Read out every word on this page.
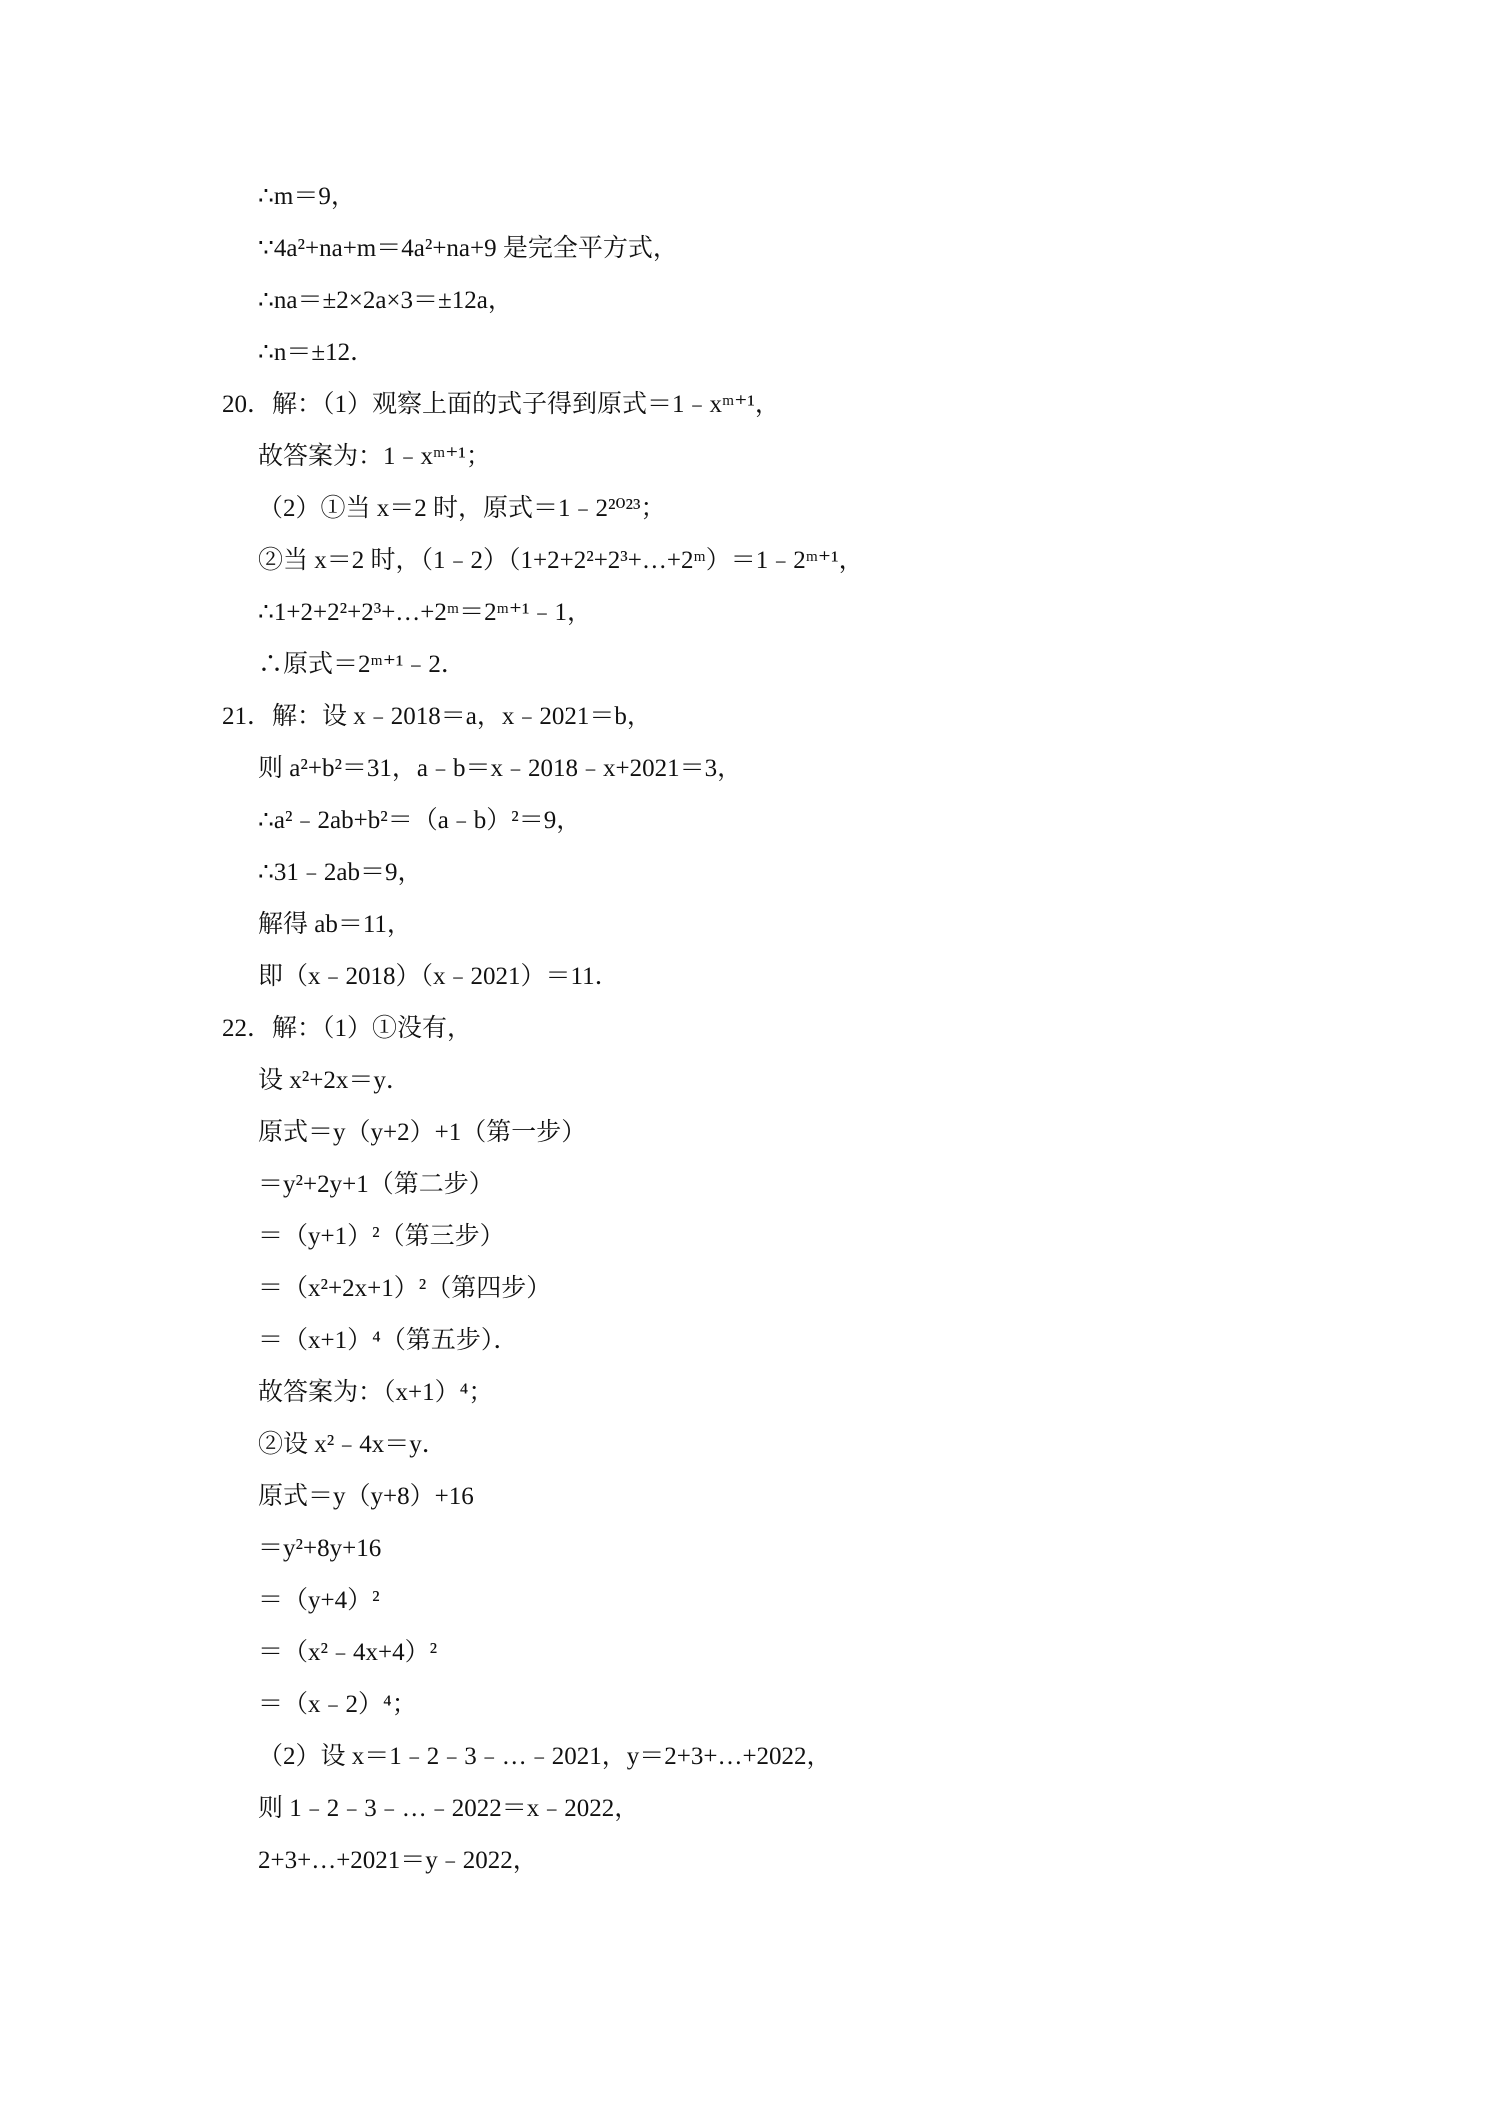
∴m＝9，
∵4a²+na+m＝4a²+na+9 是完全平方式，
∴na＝±2×2a×3＝±12a，
∴n＝±12．
20．解：（1）观察上面的式子得到原式＝1﹣xᵐ⁺¹，
故答案为：1﹣xᵐ⁺¹；
（2）①当 x＝2 时，原式＝1﹣2²⁰²³；
②当 x＝2 时，（1﹣2）（1+2+2²+2³+…+2ᵐ）＝1﹣2ᵐ⁺¹，
∴1+2+2²+2³+…+2ᵐ＝2ᵐ⁺¹﹣1，
∴原式＝2ᵐ⁺¹﹣2．
21．解：设 x﹣2018＝a，x﹣2021＝b，
则 a²+b²＝31，a﹣b＝x﹣2018﹣x+2021＝3，
∴a²﹣2ab+b²＝（a﹣b）²＝9，
∴31﹣2ab＝9，
解得 ab＝11，
即（x﹣2018）（x﹣2021）＝11．
22．解：（1）①没有，
设 x²+2x＝y．
原式＝y（y+2）+1（第一步）
＝y²+2y+1（第二步）
＝（y+1）²（第三步）
＝（x²+2x+1）²（第四步）
＝（x+1）⁴（第五步）．
故答案为：（x+1）⁴；
②设 x²﹣4x＝y．
原式＝y（y+8）+16
＝y²+8y+16
＝（y+4）²
＝（x²﹣4x+4）²
＝（x﹣2）⁴；
（2）设 x＝1﹣2﹣3﹣…﹣2021，y＝2+3+…+2022，
则 1﹣2﹣3﹣…﹣2022＝x﹣2022，
2+3+…+2021＝y﹣2022，
